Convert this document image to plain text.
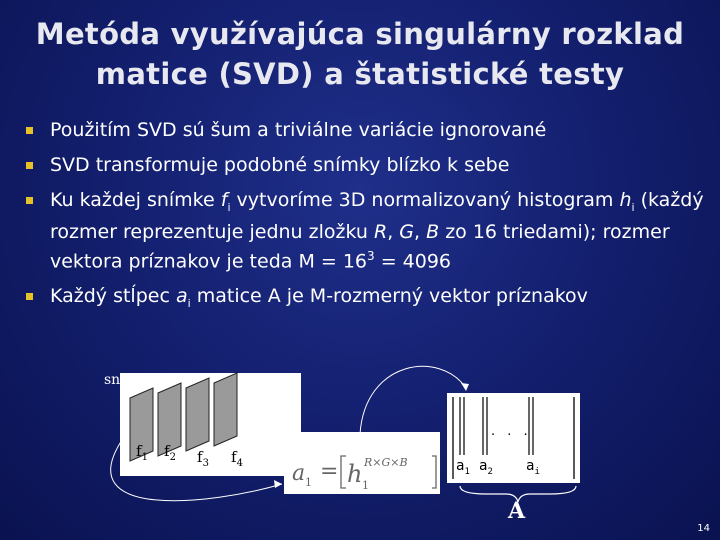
Metóda využívajúca singulárny rozklad
matice (SVD) a štatistické testy
Použitím SVD sú šum a triviálne variácie ignorované
SVD transformuje podobné snímky blízko k sebe
Ku každej snímke $f_i$ vytvoríme 3D normalizovaný histogram $h_i$ (každý rozmer reprezentuje jednu zložku R, G, B zo 16 triedami); rozmer vektora príznakov je teda $M = 16^3 = 4096$
Každý stĺpec $a_i$ matice A je M-rozmerný vektor príznakov
sn
a 1 = h 1
R×G×B
. . .
$a_1$ $a_2$ $a_i$
$f_1$ $f_2$ $f_3$ $f_4$
A
14
